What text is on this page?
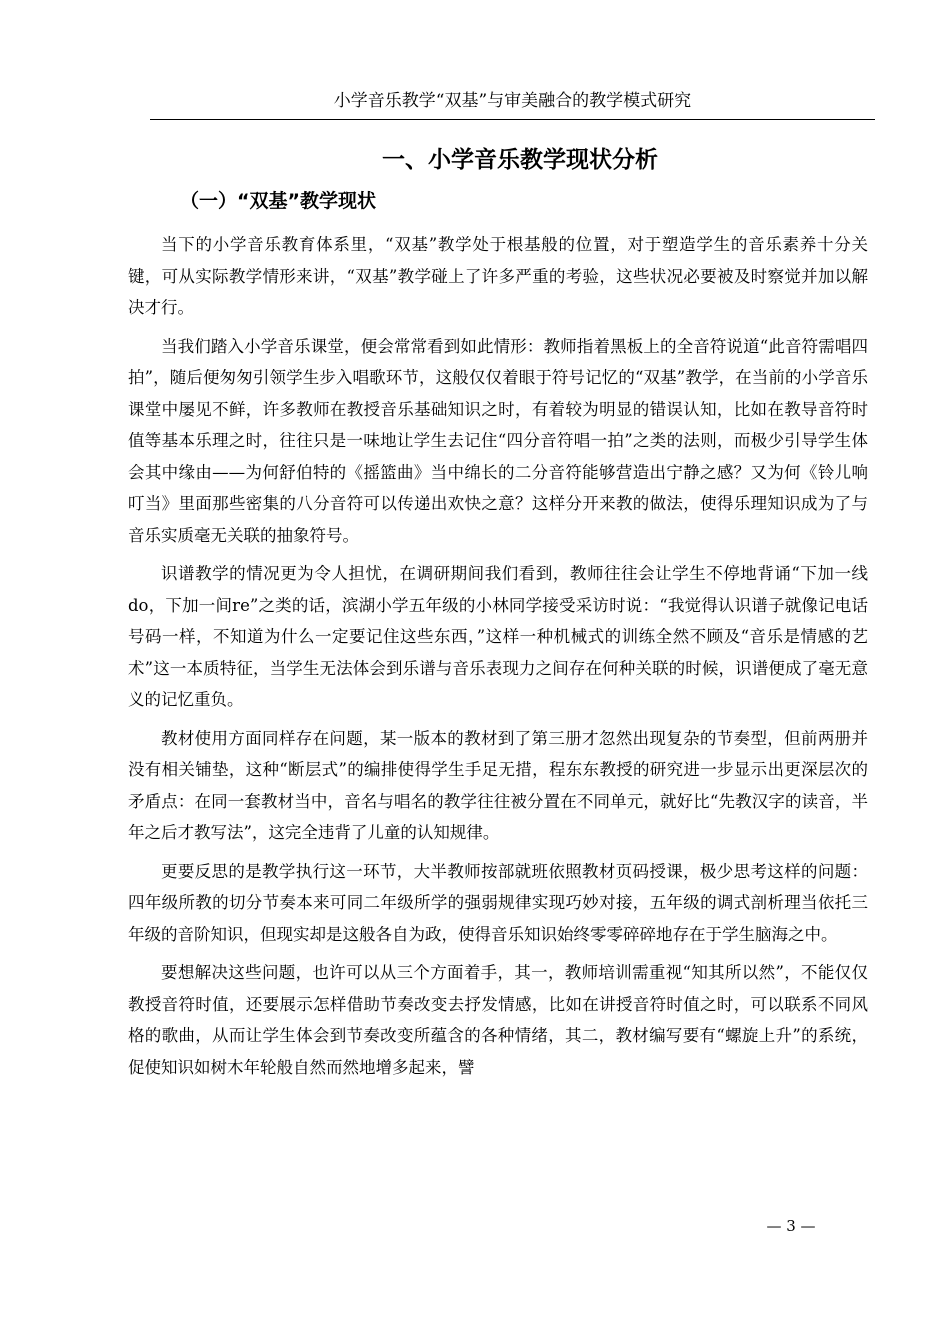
小学音乐教学“双基”与审美融合的教学模式研究
一、小学音乐教学现状分析
（一）“双基”教学现状

当下的小学音乐教育体系里，“双基”教学处于根基般的位置，对于塑造学生的音乐素养十分关键，可从实际教学情形来讲，“双基”教学碰上了许多严重的考验，这些状况必要被及时察觉并加以解决才行。

当我们踏入小学音乐课堂，便会常常看到如此情形：教师指着黑板上的全音符说道“此音符需唱四拍”，随后便匆匆引领学生步入唱歌环节，这般仅仅着眼于符号记忆的“双基”教学，在当前的小学音乐课堂中屡见不鲜，许多教师在教授音乐基础知识之时，有着较为明显的错误认知，比如在教导音符时值等基本乐理之时，往往只是一味地让学生去记住“四分音符唱一拍”之类的法则，而极少引导学生体会其中缘由——为何舒伯特的《摇篮曲》当中绵长的二分音符能够营造出宁静之感？又为何《铃儿响叮当》里面那些密集的八分音符可以传递出欢快之意？这样分开来教的做法，使得乐理知识成为了与音乐实质毫无关联的抽象符号。

识谱教学的情况更为令人担忧，在调研期间我们看到，教师往往会让学生不停地背诵“下加一线do，下加一间re”之类的话，滨湖小学五年级的小林同学接受采访时说：“我觉得认识谱子就像记电话号码一样，不知道为什么一定要记住这些东西，”这样一种机械式的训练全然不顾及“音乐是情感的艺术”这一本质特征，当学生无法体会到乐谱与音乐表现力之间存在何种关联的时候，识谱便成了毫无意义的记忆重负。

教材使用方面同样存在问题，某一版本的教材到了第三册才忽然出现复杂的节奏型，但前两册并没有相关铺垫，这种“断层式”的编排使得学生手足无措，程东东教授的研究进一步显示出更深层次的矛盾点：在同一套教材当中，音名与唱名的教学往往被分置在不同单元，就好比“先教汉字的读音，半年之后才教写法”，这完全违背了儿童的认知规律。

更要反思的是教学执行这一环节，大半教师按部就班依照教材页码授课，极少思考这样的问题：四年级所教的切分节奏本来可同二年级所学的强弱规律实现巧妙对接，五年级的调式剖析理当依托三年级的音阶知识，但现实却是这般各自为政，使得音乐知识始终零零碎碎地存在于学生脑海之中。

要想解决这些问题，也许可以从三个方面着手，其一，教师培训需重视“知其所以然”，不能仅仅教授音符时值，还要展示怎样借助节奏改变去抒发情感，比如在讲授音符时值之时，可以联系不同风格的歌曲，从而让学生体会到节奏改变所蕴含的各种情绪，其二，教材编写要有“螺旋上升”的系统，促使知识如树木年轮般自然而然地增多起来，譬

— 3 —
